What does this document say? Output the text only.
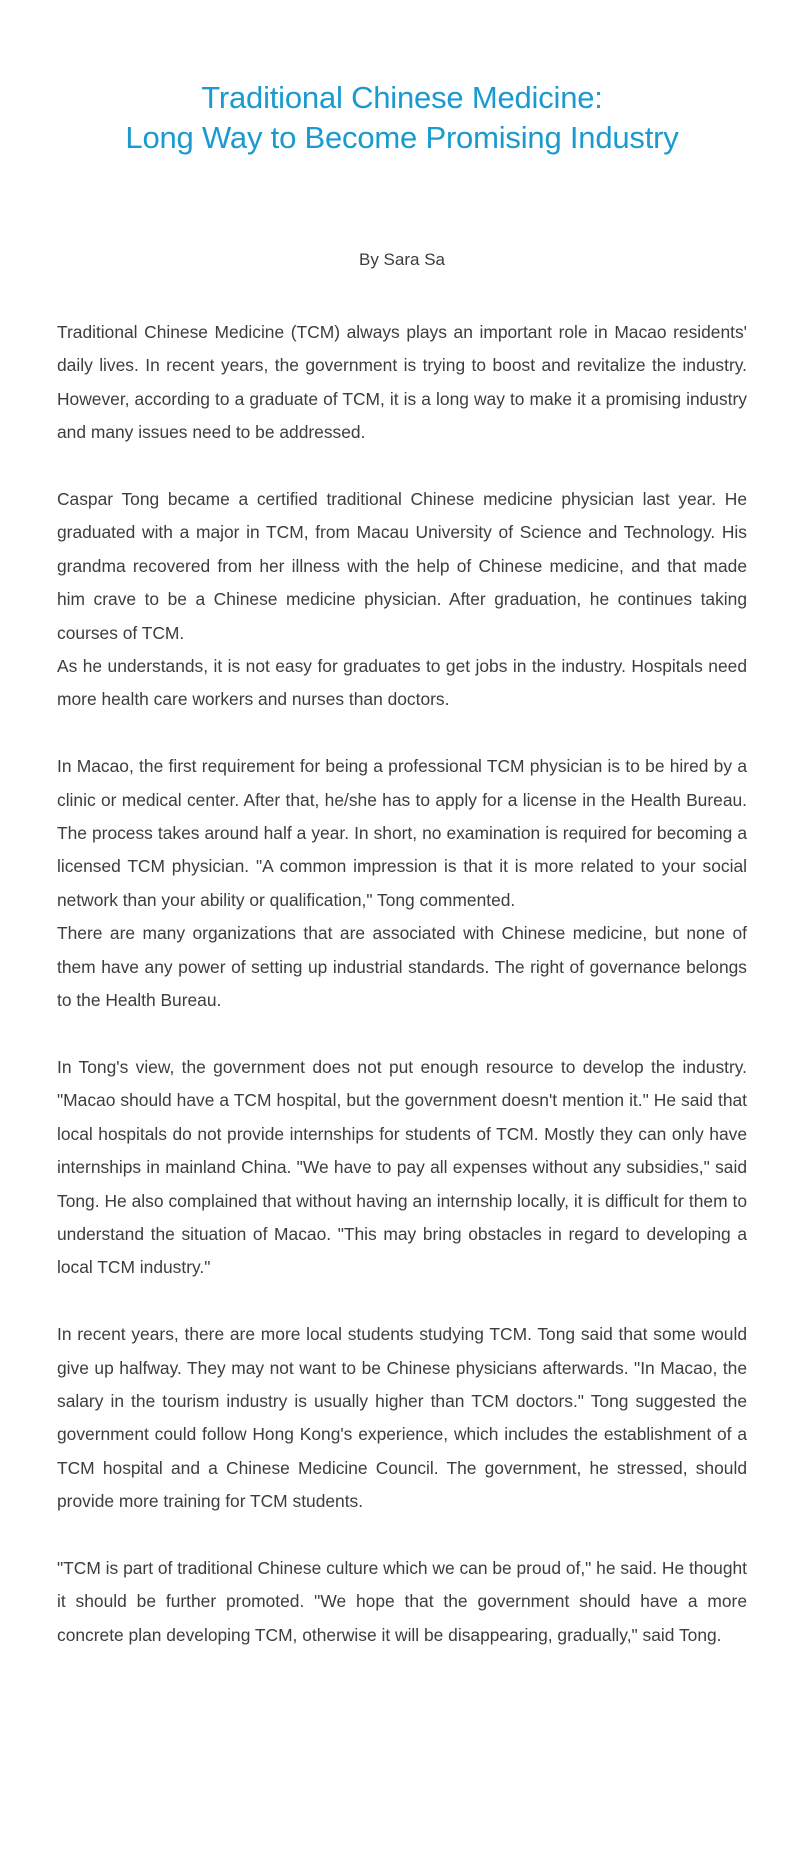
Traditional Chinese Medicine:
Long Way to Become Promising Industry
By Sara Sa

Traditional Chinese Medicine (TCM) always plays an important role in Macao residents' daily lives. In recent years, the government is trying to boost and revitalize the industry. However, according to a graduate of TCM, it is a long way to make it a promising industry and many issues need to be addressed.

Caspar Tong became a certified traditional Chinese medicine physician last year. He graduated with a major in TCM, from Macau University of Science and Technology. His grandma recovered from her illness with the help of Chinese medicine, and that made him crave to be a Chinese medicine physician. After graduation, he continues taking courses of TCM.

As he understands, it is not easy for graduates to get jobs in the industry. Hospitals need more health care workers and nurses than doctors.

In Macao, the first requirement for being a professional TCM physician is to be hired by a clinic or medical center. After that, he/she has to apply for a license in the Health Bureau. The process takes around half a year. In short, no examination is required for becoming a licensed TCM physician. "A common impression is that it is more related to your social network than your ability or qualification," Tong commented.

There are many organizations that are associated with Chinese medicine, but none of them have any power of setting up industrial standards. The right of governance belongs to the Health Bureau.

In Tong's view, the government does not put enough resource to develop the industry. "Macao should have a TCM hospital, but the government doesn't mention it." He said that local hospitals do not provide internships for students of TCM. Mostly they can only have internships in mainland China. "We have to pay all expenses without any subsidies," said Tong. He also complained that without having an internship locally, it is difficult for them to understand the situation of Macao. "This may bring obstacles in regard to developing a local TCM industry."

In recent years, there are more local students studying TCM. Tong said that some would give up halfway. They may not want to be Chinese physicians afterwards. "In Macao, the salary in the tourism industry is usually higher than TCM doctors." Tong suggested the government could follow Hong Kong's experience, which includes the establishment of a TCM hospital and a Chinese Medicine Council. The government, he stressed, should provide more training for TCM students.

"TCM is part of traditional Chinese culture which we can be proud of," he said. He thought it should be further promoted. "We hope that the government should have a more concrete plan developing TCM, otherwise it will be disappearing, gradually," said Tong.
